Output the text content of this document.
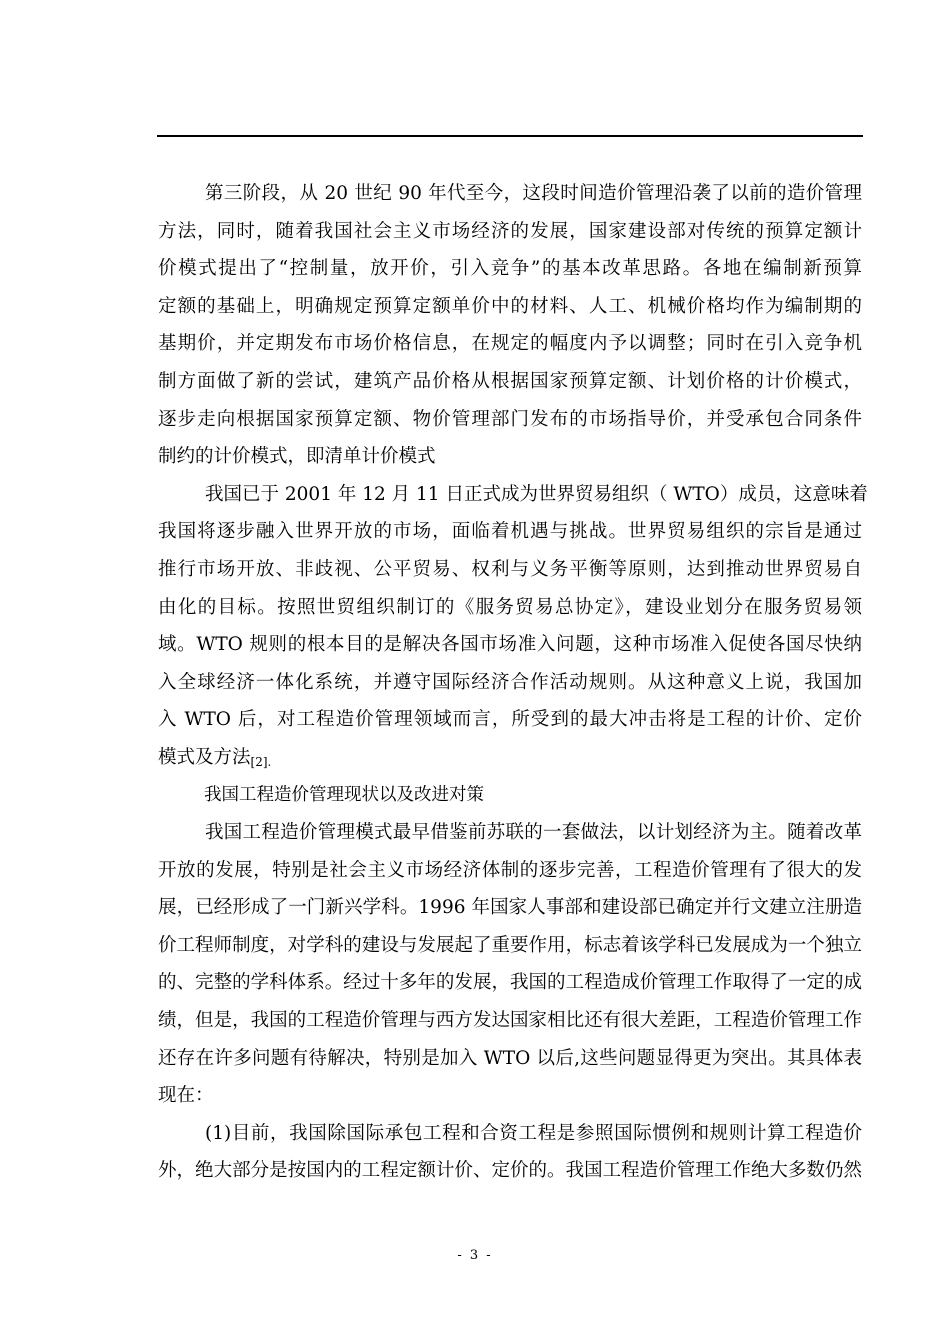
第三阶段，从 20 世纪 90 年代至今，这段时间造价管理沿袭了以前的造价管理
方法，同时，随着我国社会主义市场经济的发展，国家建设部对传统的预算定额计
价模式提出了“控制量，放开价，引入竞争”的基本改革思路。各地在编制新预算
定额的基础上，明确规定预算定额单价中的材料、人工、机械价格均作为编制期的
基期价，并定期发布市场价格信息，在规定的幅度内予以调整；同时在引入竞争机
制方面做了新的尝试，建筑产品价格从根据国家预算定额、计划价格的计价模式，
逐步走向根据国家预算定额、物价管理部门发布的市场指导价，并受承包合同条件
制约的计价模式，即清单计价模式
我国已于 2001 年 12 月 11 日正式成为世界贸易组织（ WTO）成员，这意味着
我国将逐步融入世界开放的市场，面临着机遇与挑战。世界贸易组织的宗旨是通过
推行市场开放、非歧视、公平贸易、权利与义务平衡等原则，达到推动世界贸易自
由化的目标。按照世贸组织制订的《服务贸易总协定》，建设业划分在服务贸易领
域。WTO 规则的根本目的是解决各国市场准入问题，这种市场准入促使各国尽快纳
入全球经济一体化系统，并遵守国际经济合作活动规则。从这种意义上说，我国加
入 WTO 后，对工程造价管理领域而言，所受到的最大冲击将是工程的计价、定价
模式及方法[2].
我国工程造价管理现状以及改进对策
我国工程造价管理模式最早借鉴前苏联的一套做法，以计划经济为主。随着改革
开放的发展，特别是社会主义市场经济体制的逐步完善，工程造价管理有了很大的发
展，已经形成了一门新兴学科。1996 年国家人事部和建设部已确定并行文建立注册造
价工程师制度，对学科的建设与发展起了重要作用，标志着该学科已发展成为一个独立
的、完整的学科体系。经过十多年的发展，我国的工程造成价管理工作取得了一定的成
绩，但是，我国的工程造价管理与西方发达国家相比还有很大差距，工程造价管理工作
还存在许多问题有待解决，特别是加入 WTO 以后,这些问题显得更为突出。其具体表
现在：
(1)目前，我国除国际承包工程和合资工程是参照国际惯例和规则计算工程造价
外，绝大部分是按国内的工程定额计价、定价的。我国工程造价管理工作绝大多数仍然
- 3 -
